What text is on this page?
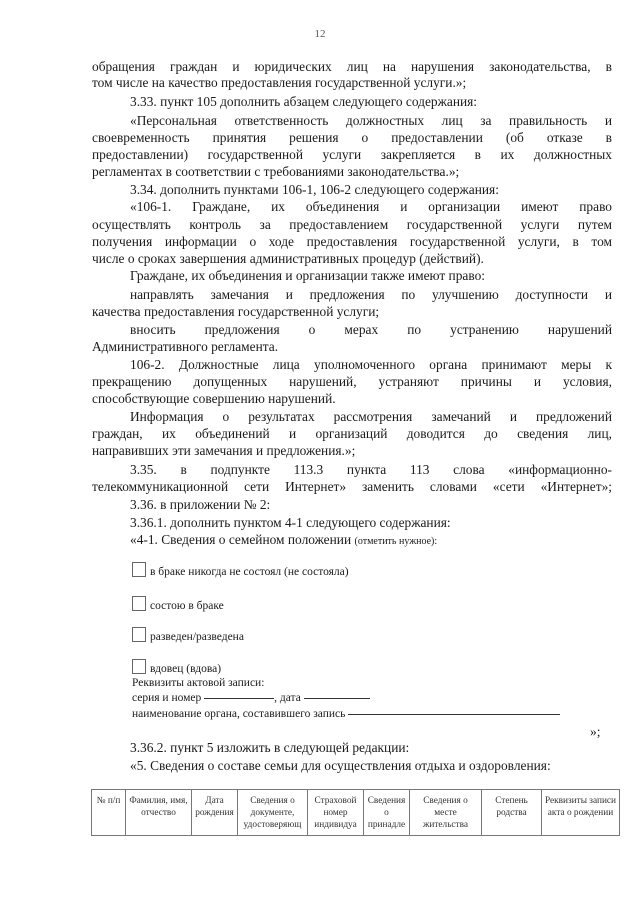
12
обращения граждан и юридических лиц на нарушения законодательства, в
том числе на качество предоставления государственной услуги.»;
3.33. пункт 105 дополнить абзацем следующего содержания:
«Персональная ответственность должностных лиц за правильность и
своевременность принятия решения о предоставлении (об отказе в
предоставлении) государственной услуги закрепляется в их должностных
регламентах в соответствии с требованиями законодательства.»;
3.34. дополнить пунктами 106-1, 106-2 следующего содержания:
«106-1. Граждане, их объединения и организации имеют право
осуществлять контроль за предоставлением государственной услуги путем
получения информации о ходе предоставления государственной услуги, в том
числе о сроках завершения административных процедур (действий).
Граждане, их объединения и организации также имеют право:
направлять замечания и предложения по улучшению доступности и
качества предоставления государственной услуги;
вносить предложения о мерах по устранению нарушений
Административного регламента.
106-2. Должностные лица уполномоченного органа принимают меры к
прекращению допущенных нарушений, устраняют причины и условия,
способствующие совершению нарушений.
Информация о результатах рассмотрения замечаний и предложений
граждан, их объединений и организаций доводится до сведения лиц,
направивших эти замечания и предложения.»;
3.35. в подпункте 113.3 пункта 113 слова «информационно-
телекоммуникационной сети Интернет» заменить словами «сети «Интернет»;
3.36. в приложении № 2:
3.36.1. дополнить пунктом 4-1 следующего содержания:
«4-1. Сведения о семейном положении (отметить нужное):
в браке никогда не состоял (не состояла)
состою в браке
разведен/разведена
вдовец (вдова)
Реквизиты актовой записи:
серия и номер	, дата
наименование органа, составившего запись
»;
3.36.2. пункт 5 изложить в следующей редакции:
«5. Сведения о составе семьи для осуществления отдыха и оздоровления:
№ п/п	Фамилия, имя, отчество	Дата рождения	Сведения о документе, удостоверяющ	Страховой номер индивидуа	Сведения о принадле	Сведения о месте жительства	Степень родства	Реквизиты записи акта о рождении
